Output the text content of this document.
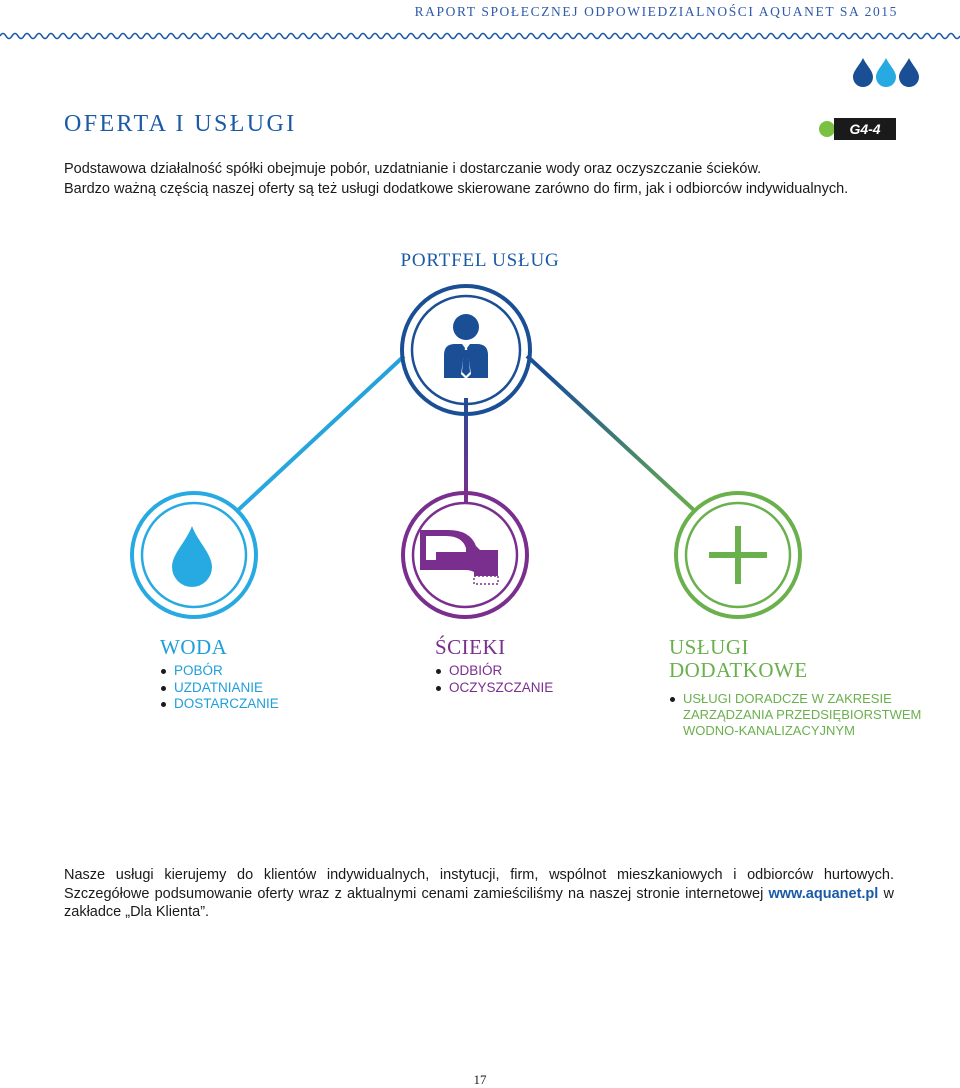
RAPORT SPOŁECZNEJ ODPOWIEDZIALNOŚCI AQUANET SA 2015
OFERTA I USŁUGI	G4-4

Podstawowa działalność spółki obejmuje pobór, uzdatnianie i dostarczanie wody oraz oczyszczanie ścieków.

Bardzo ważną częścią naszej oferty są też usługi dodatkowe skierowane zarówno do firm, jak i odbiorców indywidualnych.

PORTFEL USŁUG
WODA
POBÓR
UZDATNIANIE
DOSTARCZANIE
ŚCIEKI
ODBIÓR
OCZYSZCZANIE
USŁUGI
DODATKOWE
USŁUGI DORADCZE W ZAKRESIE ZARZĄDZANIA PRZEDSIĘBIORSTWEM WODNO-KANALIZACYJNYM

Nasze usługi kierujemy do klientów indywidualnych, instytucji, firm, wspólnot mieszkaniowych i odbiorców hurtowych. Szczegółowe podsumowanie oferty wraz z aktualnymi cenami zamieściliśmy na naszej stronie internetowej www.aquanet.pl w zakładce „Dla Klienta”.

17
